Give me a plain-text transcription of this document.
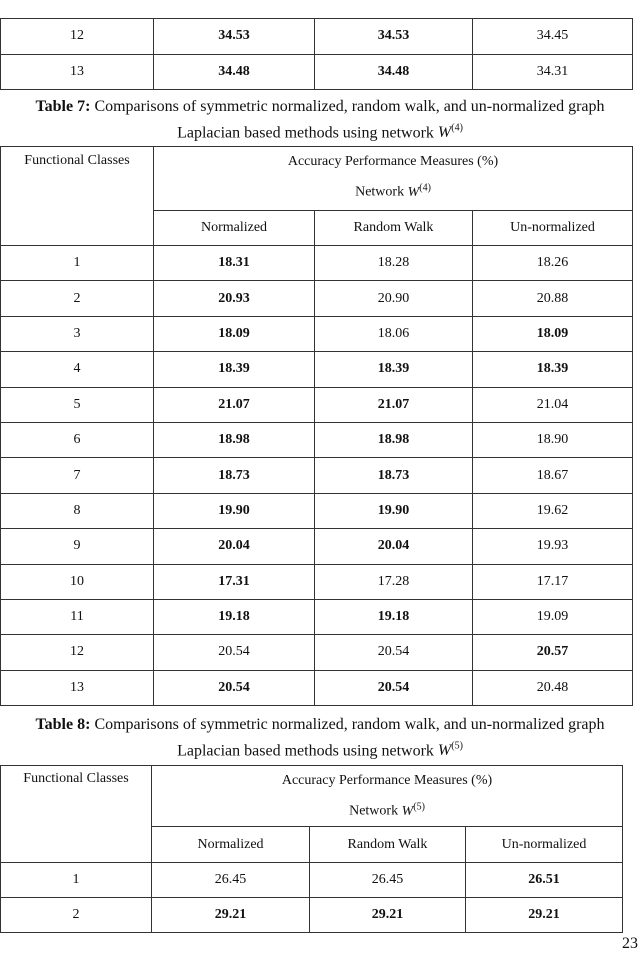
12	34.53	34.53	34.45
13	34.48	34.48	34.31
Table 7: Comparisons of symmetric normalized, random walk, and un-normalized graph
Laplacian based methods using network $W^{(4)}$
Functional Classes	Accuracy Performance Measures (%)
Network $W^{(4)}$

	Normalized	Random Walk	Un-normalized
1	18.31	18.28	18.26
2	20.93	20.90	20.88
3	18.09	18.06	18.09
4	18.39	18.39	18.39
5	21.07	21.07	21.04
6	18.98	18.98	18.90
7	18.73	18.73	18.67
8	19.90	19.90	19.62
9	20.04	20.04	19.93
10	17.31	17.28	17.17
11	19.18	19.18	19.09
12	20.54	20.54	20.57
13	20.54	20.54	20.48
Table 8: Comparisons of symmetric normalized, random walk, and un-normalized graph
Laplacian based methods using network $W^{(5)}$
Functional Classes	Accuracy Performance Measures (%)
Network $W^{(5)}$

	Normalized	Random Walk	Un-normalized
1	26.45	26.45	26.51
2	29.21	29.21	29.21
23
